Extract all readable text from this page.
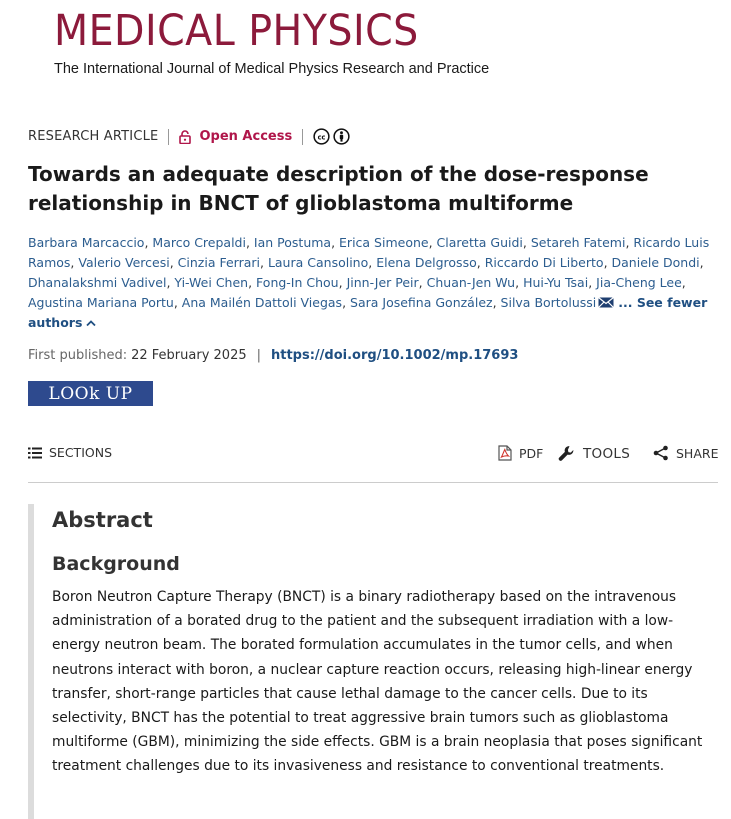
MEDICAL PHYSICS
The International Journal of Medical Physics Research and Practice
RESEARCH ARTICLE	Open Access	cc
Towards an adequate description of the dose-response relationship in BNCT of glioblastoma multiforme
Barbara Marcaccio, Marco Crepaldi, Ian Postuma, Erica Simeone, Claretta Guidi, Setareh Fatemi, Ricardo Luis Ramos, Valerio Vercesi, Cinzia Ferrari, Laura Cansolino, Elena Delgrosso, Riccardo Di Liberto, Daniele Dondi, Dhanalakshmi Vadivel, Yi-Wei Chen, Fong-In Chou, Jinn-Jer Peir, Chuan-Jen Wu, Hui-Yu Tsai, Jia-Cheng Lee, Agustina Mariana Portu, Ana Mailén Dattoli Viegas, Sara Josefina González, Silva Bortolussi ... See fewer authors
First published: 22 February 2025 | https://doi.org/10.1002/mp.17693
LOOk UP
SECTIONS	PDF	TOOLS	SHARE
Abstract
Background

Boron Neutron Capture Therapy (BNCT) is a binary radiotherapy based on the intravenous administration of a borated drug to the patient and the subsequent irradiation with a low-energy neutron beam. The borated formulation accumulates in the tumor cells, and when neutrons interact with boron, a nuclear capture reaction occurs, releasing high-linear energy transfer, short-range particles that cause lethal damage to the cancer cells. Due to its selectivity, BNCT has the potential to treat aggressive brain tumors such as glioblastoma multiforme (GBM), minimizing the side effects. GBM is a brain neoplasia that poses significant treatment challenges due to its invasiveness and resistance to conventional treatments.
